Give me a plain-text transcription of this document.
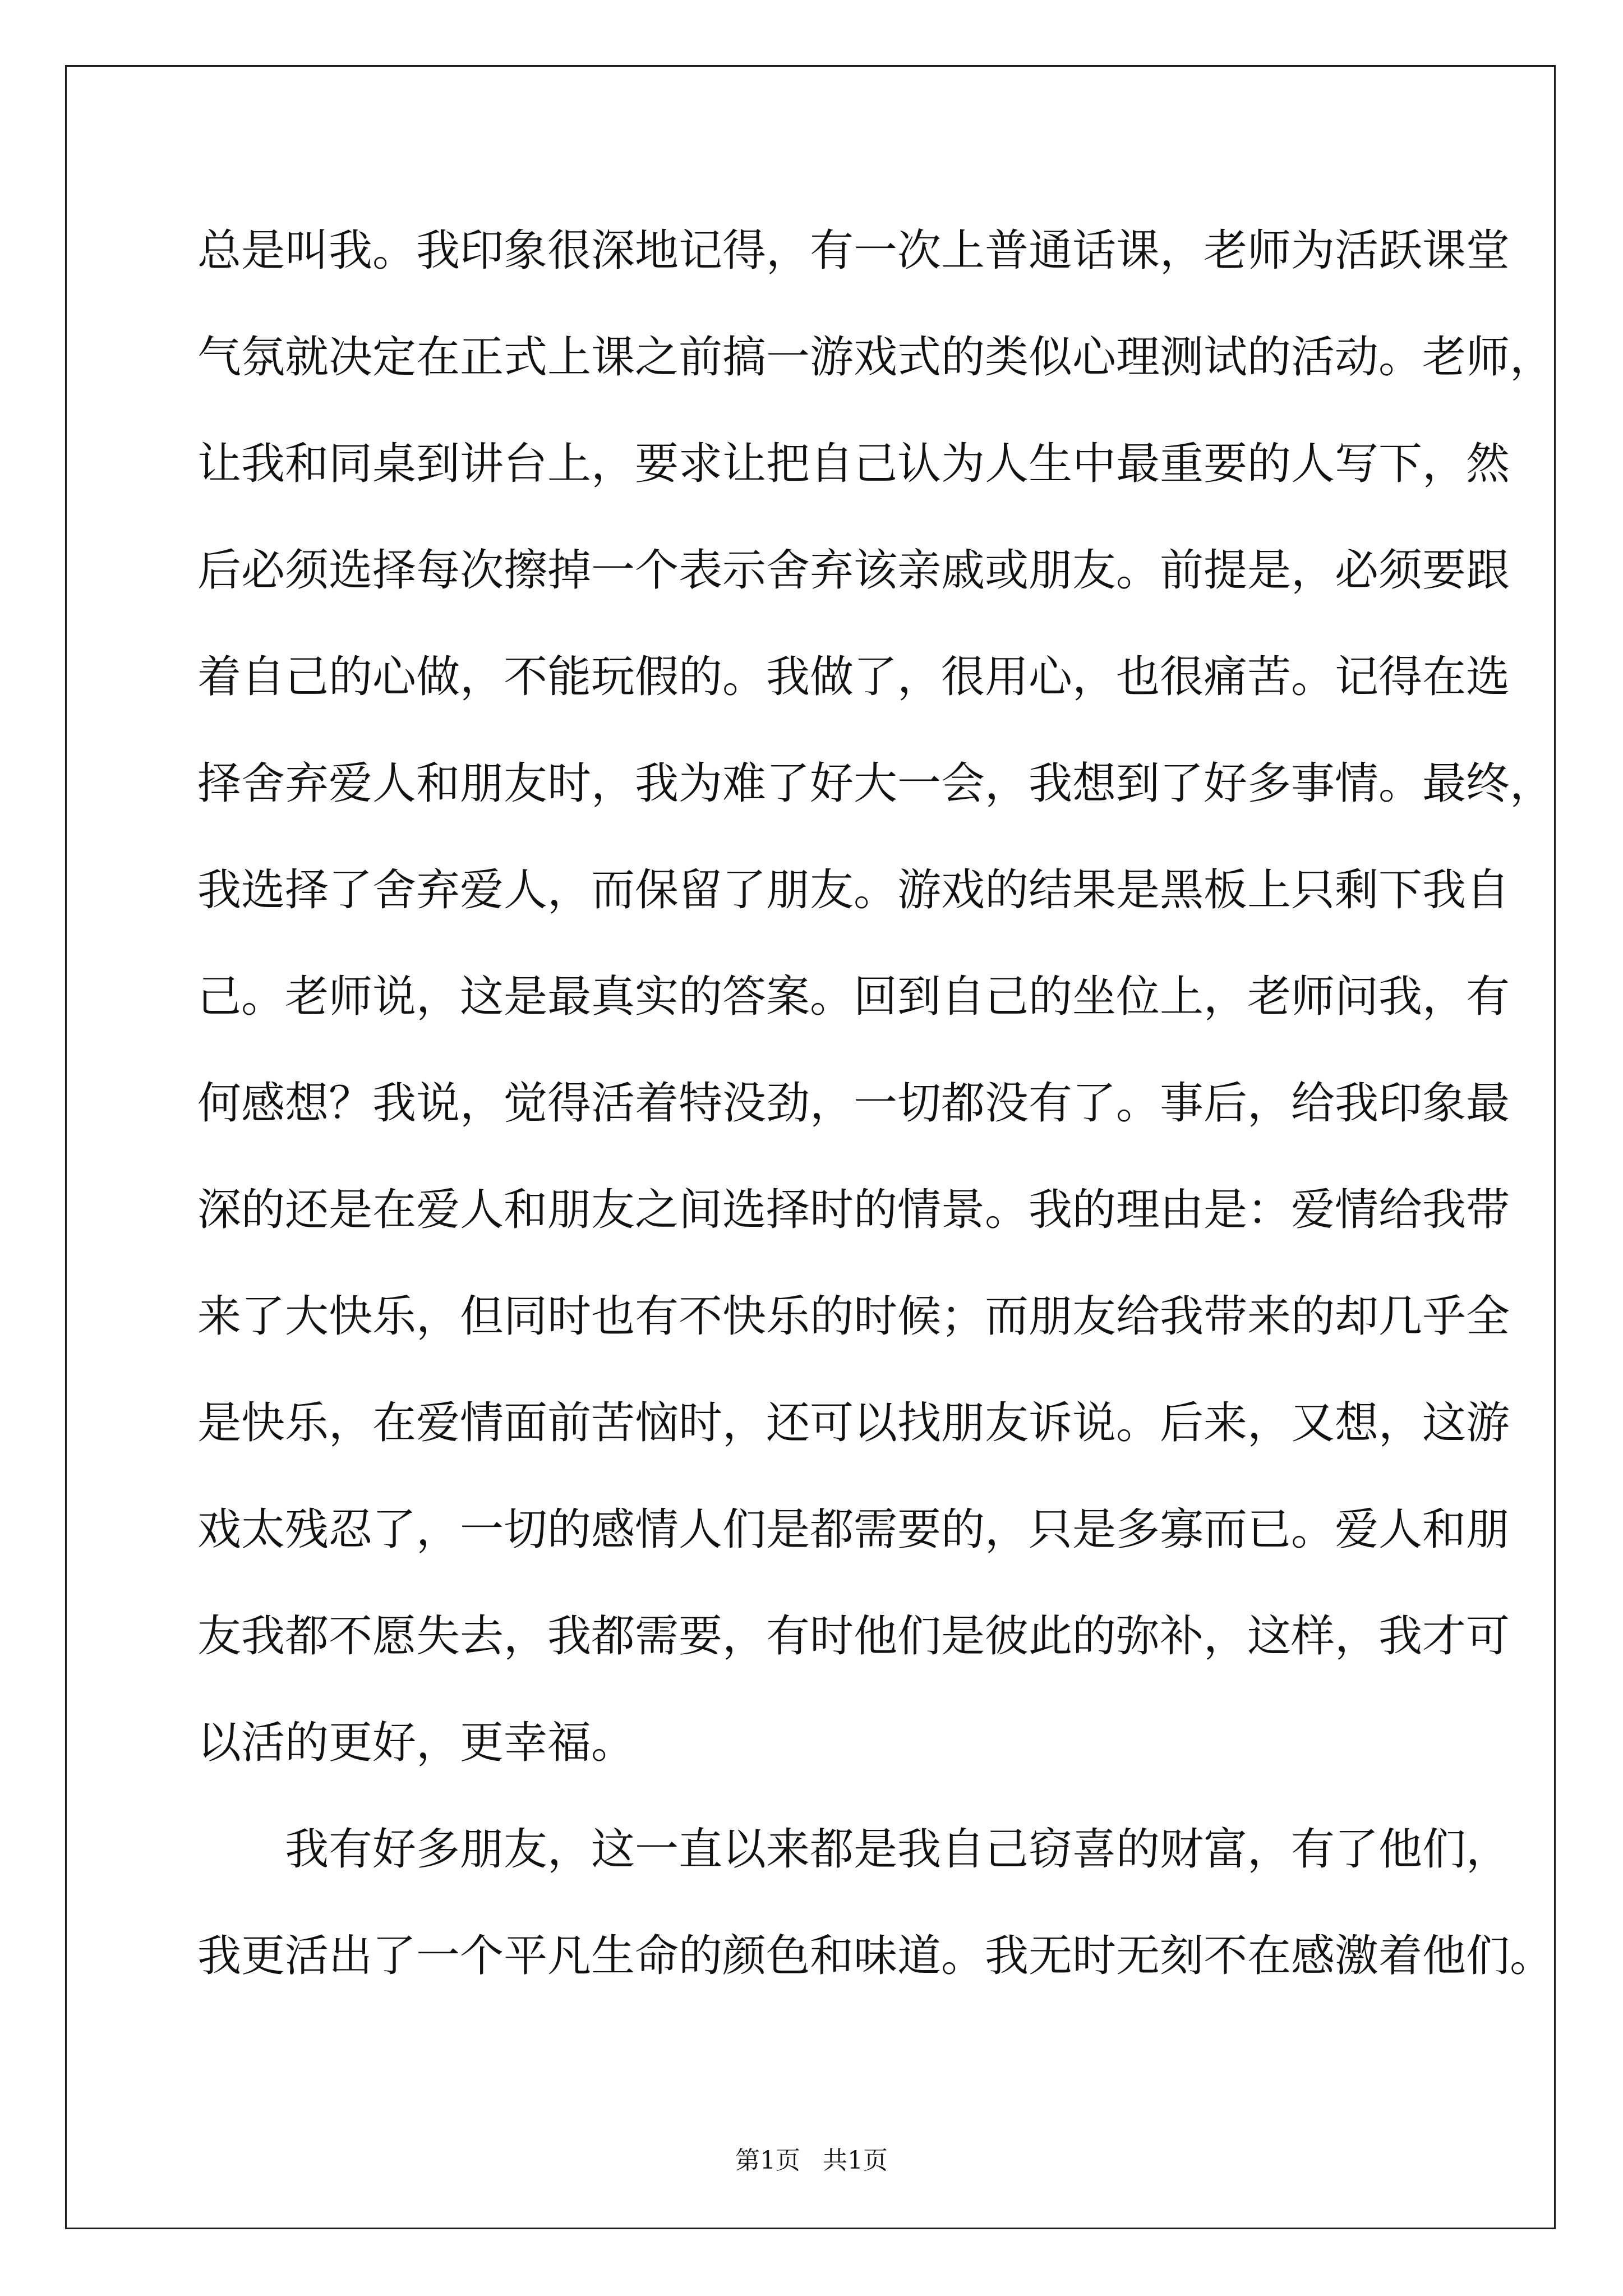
总是叫我。我印象很深地记得，有一次上普通话课，老师为活跃课堂
气氛就决定在正式上课之前搞一游戏式的类似心理测试的活动。老师，
让我和同桌到讲台上，要求让把自己认为人生中最重要的人写下，然
后必须选择每次擦掉一个表示舍弃该亲戚或朋友。前提是，必须要跟
着自己的心做，不能玩假的。我做了，很用心，也很痛苦。记得在选
择舍弃爱人和朋友时，我为难了好大一会，我想到了好多事情。最终，
我选择了舍弃爱人，而保留了朋友。游戏的结果是黑板上只剩下我自
己。老师说，这是最真实的答案。回到自己的坐位上，老师问我，有
何感想？我说，觉得活着特没劲，一切都没有了。事后，给我印象最
深的还是在爱人和朋友之间选择时的情景。我的理由是：爱情给我带
来了大快乐，但同时也有不快乐的时候；而朋友给我带来的却几乎全
是快乐，在爱情面前苦恼时，还可以找朋友诉说。后来，又想，这游
戏太残忍了，一切的感情人们是都需要的，只是多寡而已。爱人和朋
友我都不愿失去，我都需要，有时他们是彼此的弥补，这样，我才可
以活的更好，更幸福。
　　我有好多朋友，这一直以来都是我自己窃喜的财富，有了他们，
我更活出了一个平凡生命的颜色和味道。我无时无刻不在感激着他们。
第1页 共1页
